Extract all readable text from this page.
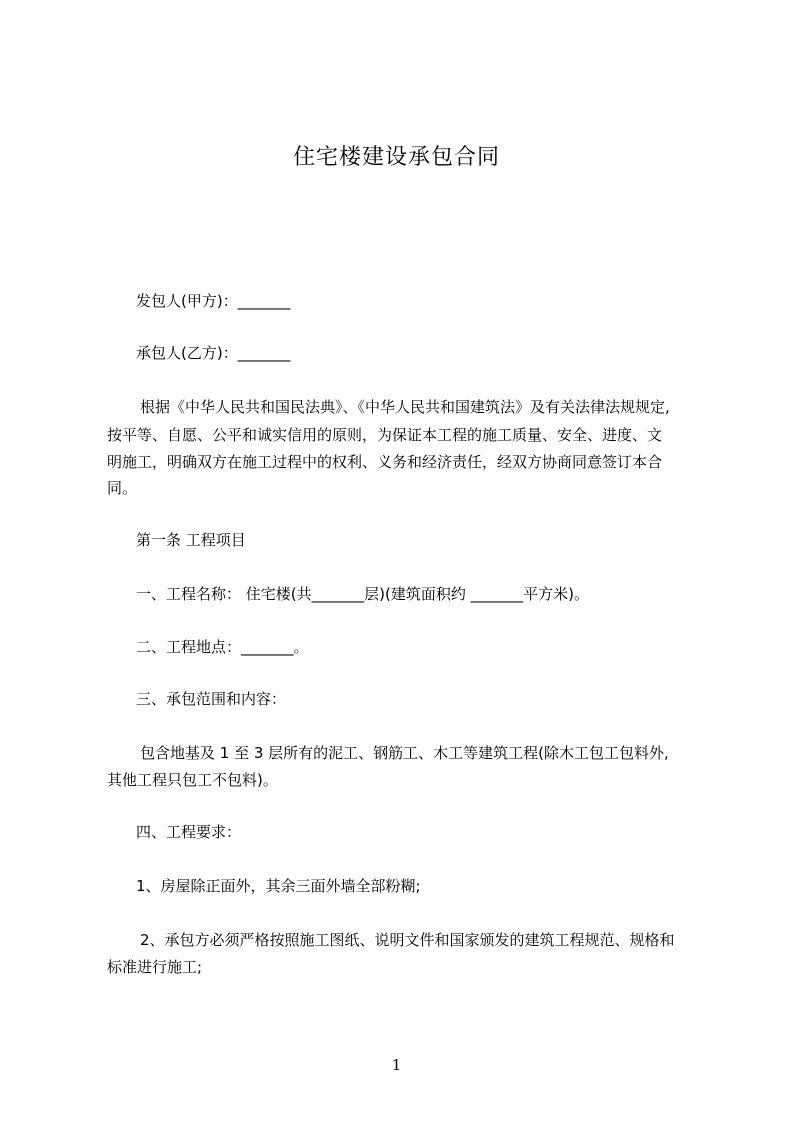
住宅楼建设承包合同
发包人(甲方)：_______
承包人(乙方)：_______
根据《中华人民共和国民法典》、《中华人民共和国建筑法》及有关法律法规规定,
按平等、自愿、公平和诚实信用的原则，为保证本工程的施工质量、安全、进度、文
明施工，明确双方在施工过程中的权利、义务和经济责任，经双方协商同意签订本合
同。
第一条 工程项目
一、工程名称： 住宅楼(共_______层)(建筑面积约 _______平方米)。
二、工程地点：_______。
三、承包范围和内容：
包含地基及 1 至 3 层所有的泥工、钢筋工、木工等建筑工程(除木工包工包料外,
其他工程只包工不包料)。
四、工程要求：
1、房屋除正面外，其余三面外墙全部粉糊;
2、承包方必须严格按照施工图纸、说明文件和国家颁发的建筑工程规范、规格和
标准进行施工;
1
